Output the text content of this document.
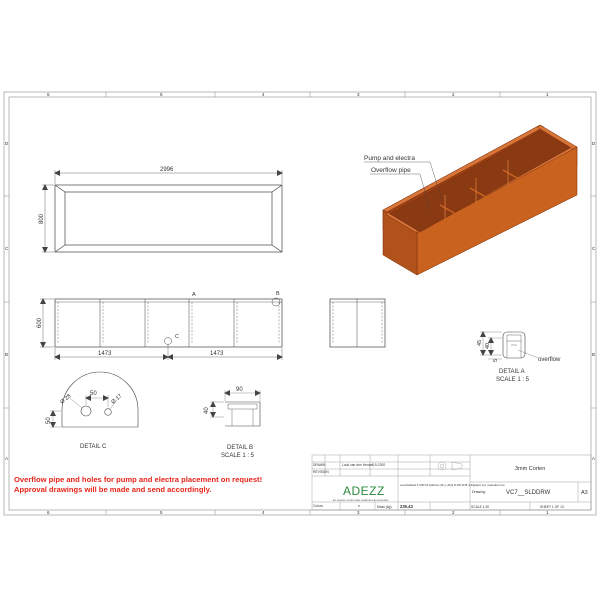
6	5	4	3	2	1
6	5	4	3	2	1
D
C
B
A
D
C
B
A
2996
800
A	B
C
600
1473	1473
Pump and electra
Overflow pipe
45 40
5	overflow
DETAIL A
SCALE 1 : 5
90
40
DETAIL B
SCALE 1 : 5
50
50
Ø 28	Ø 17
DETAIL C
Overflow pipe and holes for pump and electra placement on request!
Approval drawings will be made and send accordingly.
DRAWN	Luuk van den Heuvel 3-9-2020
REVISION	3mm Corten
Drawing:	VC7__SLDDRW	A3
ADEZZ
ALL DESIGN CORTEN STEEL PLANTERS & ACCESSORIES
Lieventhalstraat 6, 5482 KZ Veldhoven (NL) | +31(0) 40 259 42 88 | info@adezz.com | www.adezz.com
Colors:	n	Mass (kg): 235.43	SCALE 1:20	SHEET 1 OF 13
